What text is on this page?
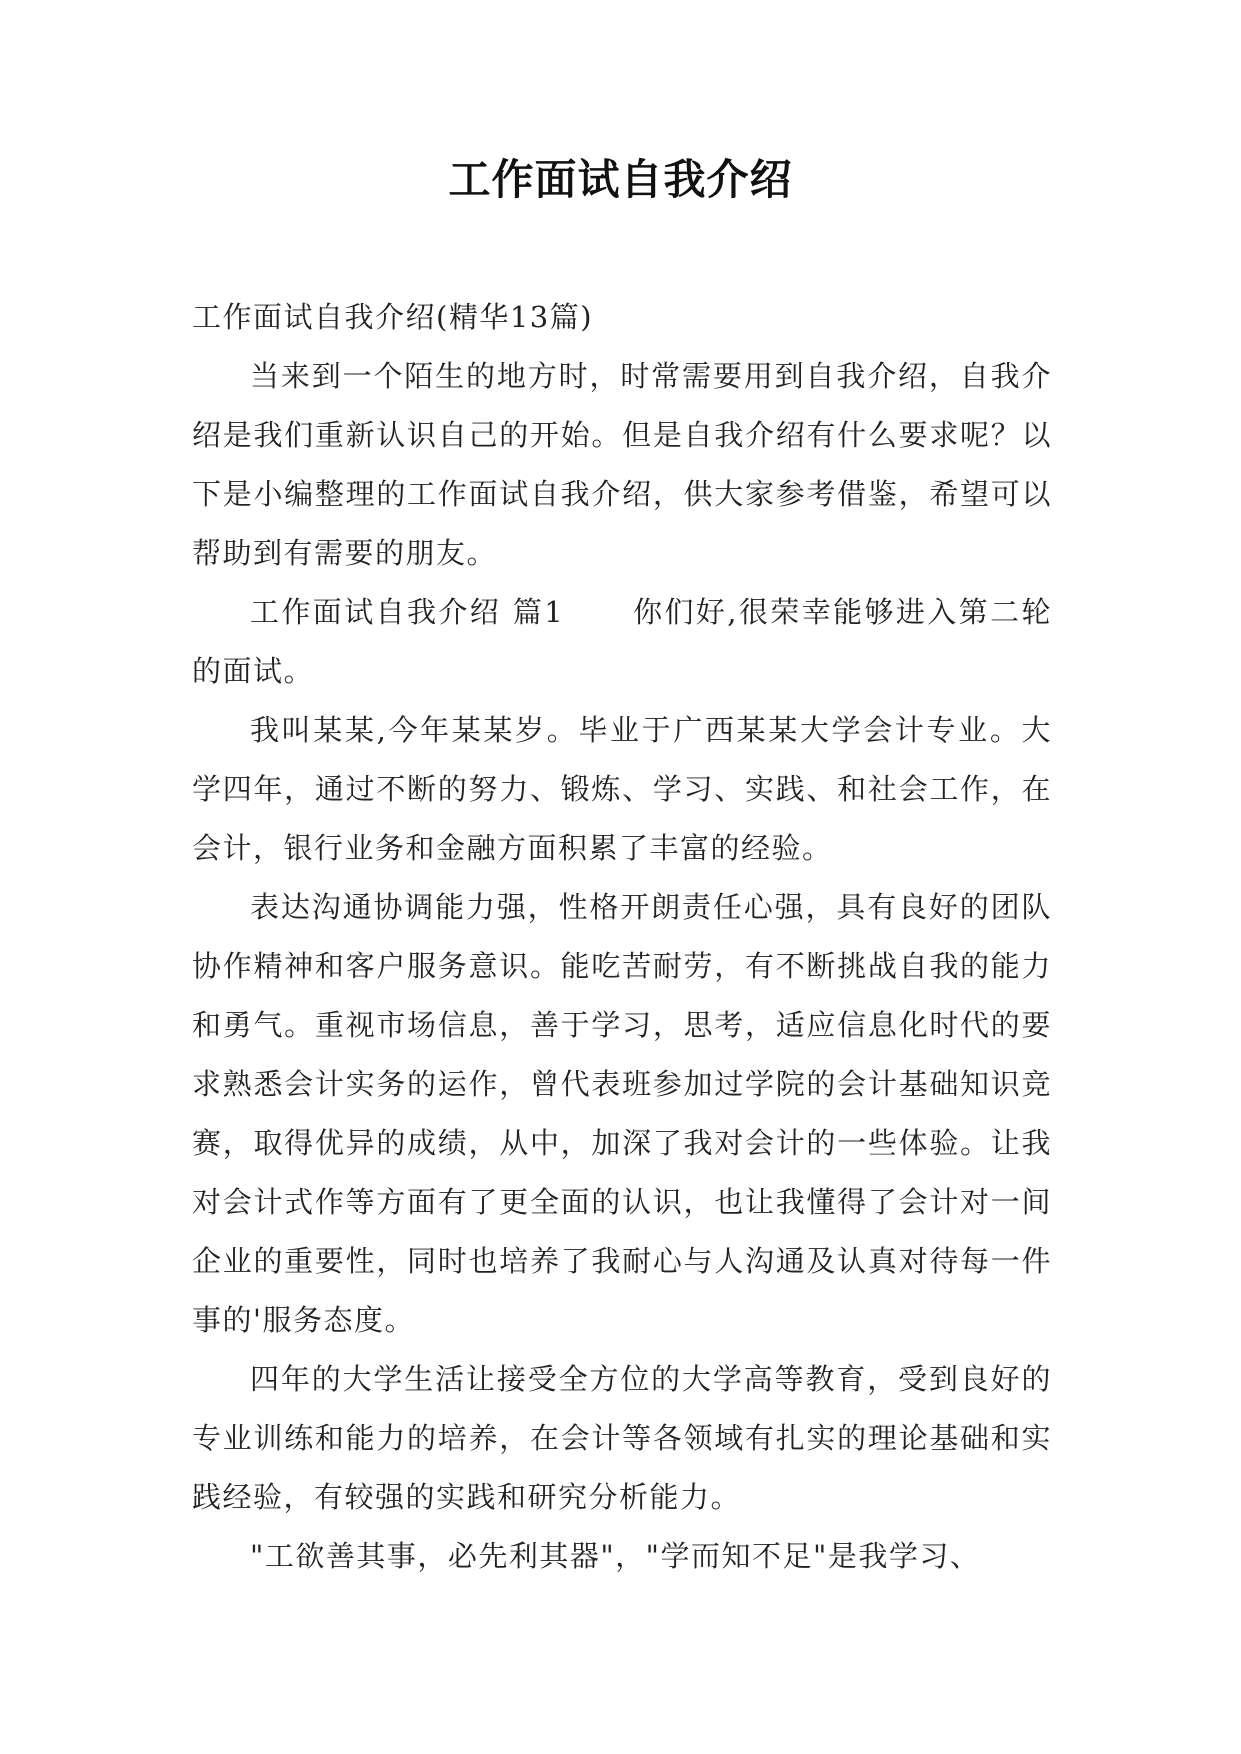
工作面试自我介绍

工作面试自我介绍(精华13篇)

当来到一个陌生的地方时，时常需要用到自我介绍，自我介绍是我们重新认识自己的开始。但是自我介绍有什么要求呢？以下是小编整理的工作面试自我介绍，供大家参考借鉴，希望可以帮助到有需要的朋友。

工作面试自我介绍 篇1 你们好,很荣幸能够进入第二轮的面试。

我叫某某,今年某某岁。毕业于广西某某大学会计专业。大学四年，通过不断的努力、锻炼、学习、实践、和社会工作，在会计，银行业务和金融方面积累了丰富的经验。

表达沟通协调能力强，性格开朗责任心强，具有良好的团队协作精神和客户服务意识。能吃苦耐劳，有不断挑战自我的能力和勇气。重视市场信息，善于学习，思考，适应信息化时代的要求熟悉会计实务的运作，曾代表班参加过学院的会计基础知识竞赛，取得优异的成绩，从中，加深了我对会计的一些体验。让我对会计式作等方面有了更全面的认识，也让我懂得了会计对一间企业的重要性，同时也培养了我耐心与人沟通及认真对待每一件事的'服务态度。

四年的大学生活让接受全方位的大学高等教育，受到良好的专业训练和能力的培养，在会计等各领域有扎实的理论基础和实践经验，有较强的实践和研究分析能力。

"工欲善其事，必先利其器"，"学而知不足"是我学习、
